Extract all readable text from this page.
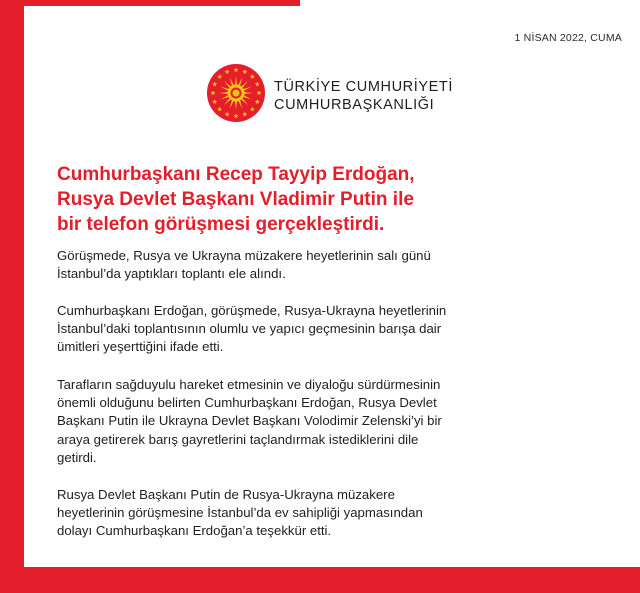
1 NİSAN 2022, CUMA
TÜRKİYE CUMHURİYETİ
CUMHURBAŞKANLIĞI
Cumhurbaşkanı Recep Tayyip Erdoğan,
Rusya Devlet Başkanı Vladimir Putin ile
bir telefon görüşmesi gerçekleştirdi.
Görüşmede, Rusya ve Ukrayna müzakere heyetlerinin salı günü
İstanbul’da yaptıkları toplantı ele alındı.
Cumhurbaşkanı Erdoğan, görüşmede, Rusya-Ukrayna heyetlerinin
İstanbul’daki toplantısının olumlu ve yapıcı geçmesinin barışa dair
ümitleri yeşerttiğini ifade etti.
Tarafların sağduyulu hareket etmesinin ve diyaloğu sürdürmesinin
önemli olduğunu belirten Cumhurbaşkanı Erdoğan, Rusya Devlet
Başkanı Putin ile Ukrayna Devlet Başkanı Volodimir Zelenski’yi bir
araya getirerek barış gayretlerini taçlandırmak istediklerini dile
getirdi.
Rusya Devlet Başkanı Putin de Rusya-Ukrayna müzakere
heyetlerinin görüşmesine İstanbul’da ev sahipliği yapmasından
dolayı Cumhurbaşkanı Erdoğan’a teşekkür etti.
